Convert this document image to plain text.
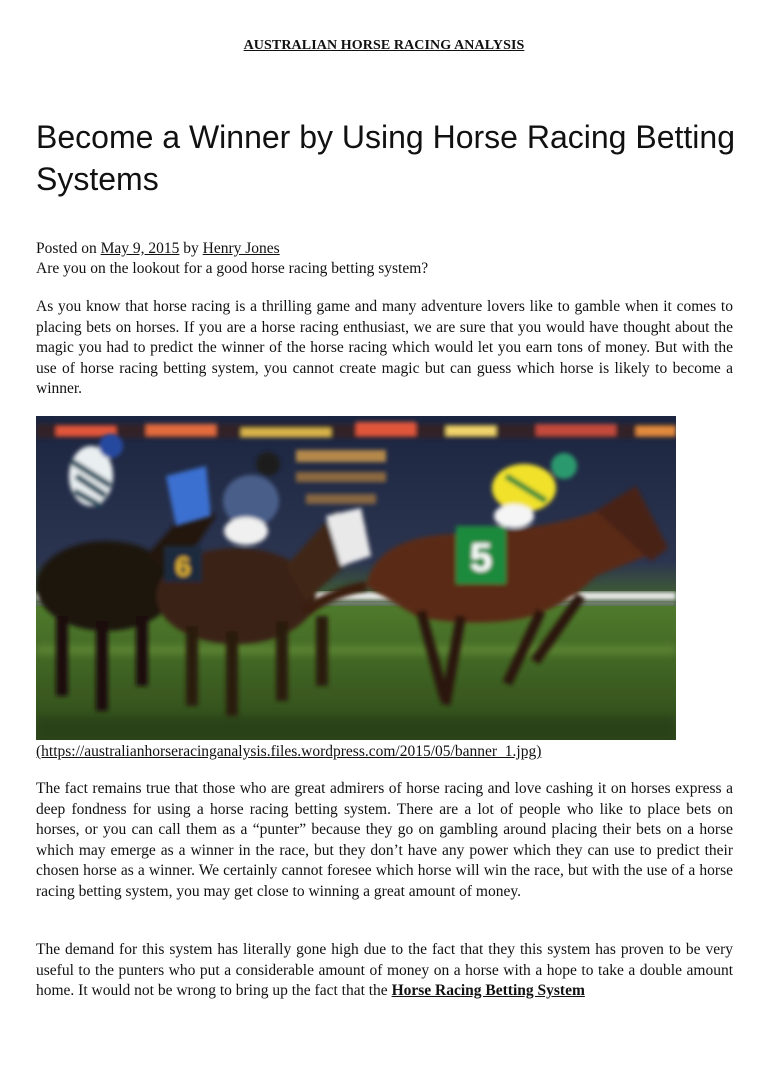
AUSTRALIAN HORSE RACING ANALYSIS
Become a Winner by Using Horse Racing Betting Systems
Posted on May 9, 2015 by Henry Jones
Are you on the lookout for a good horse racing betting system?

As you know that horse racing is a thrilling game and many adventure lovers like to gamble when it comes to placing bets on horses. If you are a horse racing enthusiast, we are sure that you would have thought about the magic you had to predict the winner of the horse racing which would let you earn tons of money. But with the use of horse racing betting system, you cannot create magic but can guess which horse is likely to become a winner.

6	5
(https://australianhorseracinganalysis.files.wordpress.com/2015/05/banner_1.jpg)

The fact remains true that those who are great admirers of horse racing and love cashing it on horses express a deep fondness for using a horse racing betting system. There are a lot of people who like to place bets on horses, or you can call them as a “punter” because they go on gambling around placing their bets on a horse which may emerge as a winner in the race, but they don’t have any power which they can use to predict their chosen horse as a winner. We certainly cannot foresee which horse will win the race, but with the use of a horse racing betting system, you may get close to winning a great amount of money.

The demand for this system has literally gone high due to the fact that they this system has proven to be very useful to the punters who put a considerable amount of money on a horse with a hope to take a double amount home. It would not be wrong to bring up the fact that the Horse Racing Betting System
